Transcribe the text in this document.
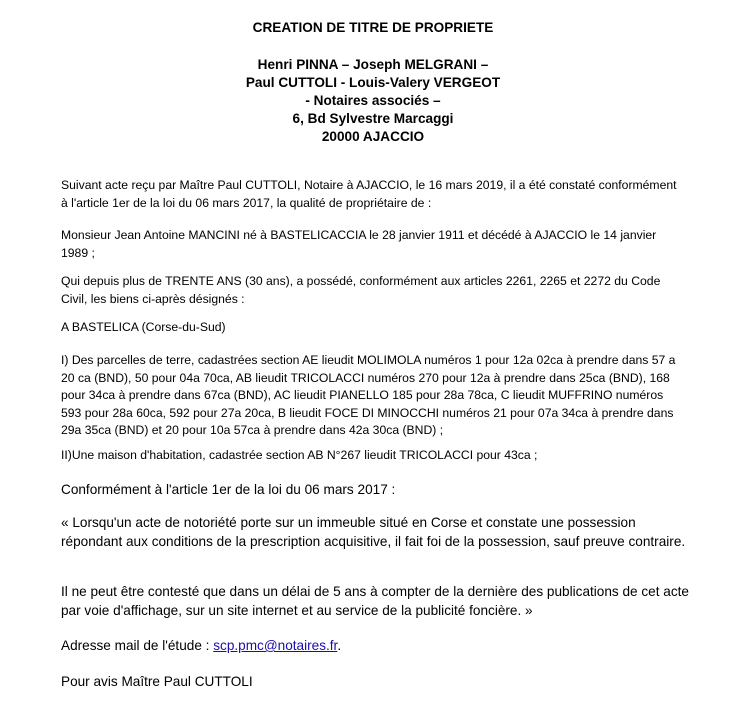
CREATION DE TITRE DE PROPRIETE
Henri PINNA – Joseph MELGRANI –
Paul CUTTOLI - Louis-Valery VERGEOT
- Notaires associés –
6, Bd Sylvestre Marcaggi
20000 AJACCIO
Suivant acte reçu par Maître Paul CUTTOLI, Notaire à AJACCIO, le 16 mars 2019, il a été constaté conformément à l'article 1er de la loi du 06 mars 2017, la qualité de propriétaire de :
Monsieur Jean Antoine MANCINI né à BASTELICACCIA le 28 janvier 1911 et décédé à AJACCIO le 14 janvier 1989 ;
Qui depuis plus de TRENTE ANS (30 ans), a possédé, conformément aux articles 2261, 2265 et 2272 du Code Civil, les biens ci-après désignés :
A BASTELICA (Corse-du-Sud)
I) Des parcelles de terre, cadastrées section AE lieudit MOLIMOLA numéros 1 pour 12a 02ca à prendre dans 57 a 20 ca (BND), 50 pour 04a 70ca, AB lieudit TRICOLACCI numéros 270 pour 12a à prendre dans 25ca (BND), 168 pour 34ca à prendre dans 67ca (BND), AC lieudit PIANELLO 185 pour 28a 78ca, C lieudit MUFFRINO numéros 593 pour 28a 60ca, 592 pour 27a 20ca, B lieudit FOCE DI MINOCCHI numéros 21 pour 07a 34ca à prendre dans 29a 35ca (BND) et 20 pour 10a 57ca à prendre dans 42a 30ca (BND) ;
II)Une maison d'habitation, cadastrée section AB N°267 lieudit TRICOLACCI pour 43ca ;
Conformément à l'article 1er de la loi du 06 mars 2017 :
« Lorsqu'un acte de notoriété porte sur un immeuble situé en Corse et constate une possession répondant aux conditions de la prescription acquisitive, il fait foi de la possession, sauf preuve contraire.
Il ne peut être contesté que dans un délai de 5 ans à compter de la dernière des publications de cet acte par voie d'affichage, sur un site internet et au service de la publicité foncière. »
Adresse mail de l'étude : scp.pmc@notaires.fr.
Pour avis Maître Paul CUTTOLI
